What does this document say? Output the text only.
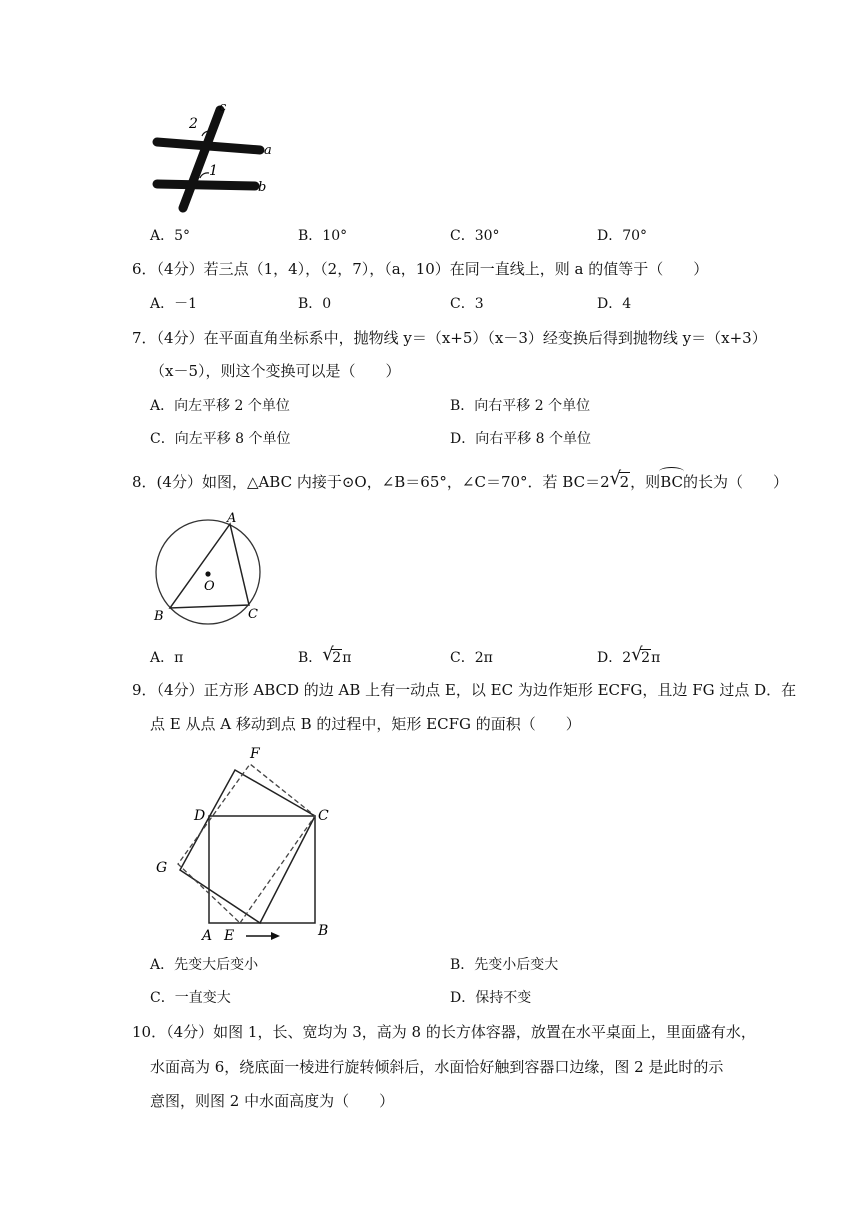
c
2
1
a
b
A．5°	B．10°	C．30°	D．70°
6．（4分）若三点（1，4），（2，7），（a，10）在同一直线上，则 a 的值等于（　　）
A．－1	B．0	C．3	D．4
7．（4分）在平面直角坐标系中，抛物线 y＝（x+5）（x－3）经变换后得到抛物线 y＝（x+3）
（x－5），则这个变换可以是（　　）
A．向左平移 2 个单位	B．向右平移 2 个单位
C．向左平移 8 个单位	D．向右平移 8 个单位
8．(4分）如图，△ABC 内接于⊙O，∠B＝65°，∠C＝70°．若 BC＝2 √
2，则BC的长为（　　）
A
B	C
O
A．π	B． √
2π	C．2π	D．2 √
2π
9．（4分）正方形 ABCD 的边 AB 上有一动点 E，以 EC 为边作矩形 ECFG，且边 FG 过点 D．在
点 E 从点 A 移动到点 B 的过程中，矩形 ECFG 的面积（　　）
F
D	C
G
A E	B
A．先变大后变小	B．先变小后变大
C．一直变大	D．保持不变
10．（4分）如图 1，长、宽均为 3，高为 8 的长方体容器，放置在水平桌面上，里面盛有水，
水面高为 6，绕底面一棱进行旋转倾斜后，水面恰好触到容器口边缘，图 2 是此时的示
意图，则图 2 中水面高度为（　　）
